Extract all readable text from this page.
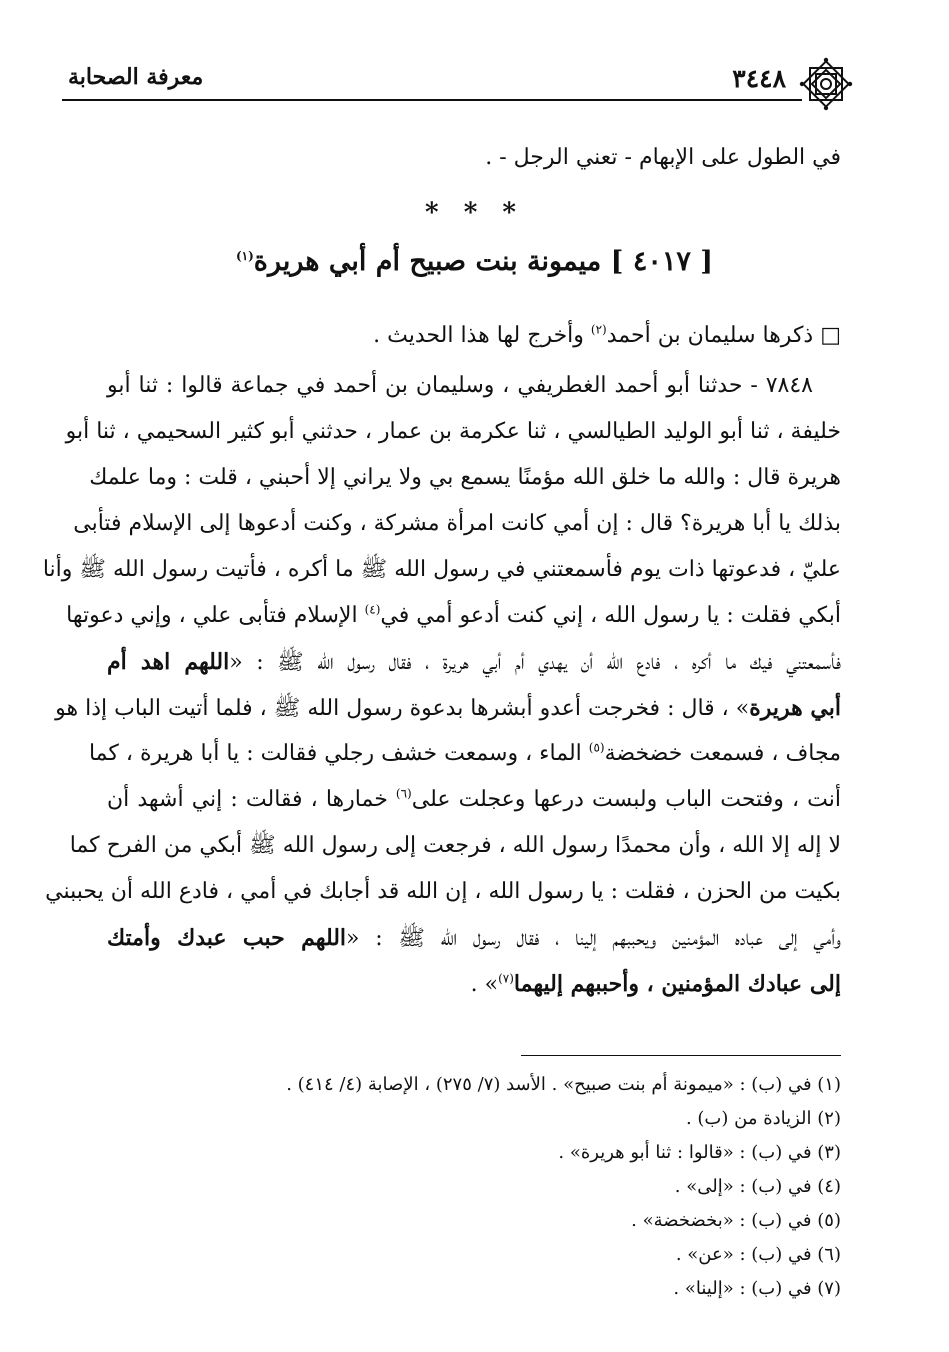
٣٤٤٨
معرفة الصحابة
في الطول على الإبهام - تعني الرجل - .
* * *
[ ٤٠١٧ ] ميمونة بنت صبيح أم أبي هريرة$^{(١)}$
□ ذكرها سليمان بن أحمد$^{(٢)}$ وأخرج لها هذا الحديث .
٧٨٤٨ - حدثنا أبو أحمد الغطريفي ، وسليمان بن أحمد في جماعة قالوا : ثنا أبو
خليفة ، ثنا أبو الوليد الطيالسي ، ثنا عكرمة بن عمار ، حدثني أبو كثير السحيمي ، ثنا أبو
هريرة قال : والله ما خلق الله مؤمنًا يسمع بي ولا يراني إلا أحبني ، قلت : وما علمك
بذلك يا أبا هريرة؟ قال : إن أمي كانت امرأة مشركة ، وكنت أدعوها إلى الإسلام فتأبى
عليّ ، فدعوتها ذات يوم فأسمعتني في رسول الله ﷺ ما أكره ، فأتيت رسول الله ﷺ وأنا
أبكي فقلت : يا رسول الله ، إني كنت أدعو أمي في$^{(٤)}$ الإسلام فتأبى علي ، وإني دعوتها
فأسمعتني فيك ما أكره ، فادع الله أن يهدي أم أبي هريرة ، فقال رسول الله ﷺ : «اللهم اهد أم
أبي هريرة» ، قال : فخرجت أعدو أبشرها بدعوة رسول الله ﷺ ، فلما أتيت الباب إذا هو
مجاف ، فسمعت خضخضة$^{(٥)}$ الماء ، وسمعت خشف رجلي فقالت : يا أبا هريرة ، كما
أنت ، وفتحت الباب ولبست درعها وعجلت على$^{(٦)}$ خمارها ، فقالت : إني أشهد أن
لا إله إلا الله ، وأن محمدًا رسول الله ، فرجعت إلى رسول الله ﷺ أبكي من الفرح كما
بكيت من الحزن ، فقلت : يا رسول الله ، إن الله قد أجابك في أمي ، فادع الله أن يحببني
وأمي إلى عباده المؤمنين ويحببهم إلينا ، فقال رسول الله ﷺ : «اللهم حبب عبدك وأمتك
إلى عبادك المؤمنين ، وأحببهم إليهما$^{(٧)}$» .
(١) في (ب) : «ميمونة أم بنت صبيح» . الأسد (٧/ ٢٧٥) ، الإصابة (٤/ ٤١٤) .
(٢) الزيادة من (ب) .
(٣) في (ب) : «قالوا : ثنا أبو هريرة» .
(٤) في (ب) : «إلى» .
(٥) في (ب) : «بخضخضة» .
(٦) في (ب) : «عن» .
(٧) في (ب) : «إلينا» .
